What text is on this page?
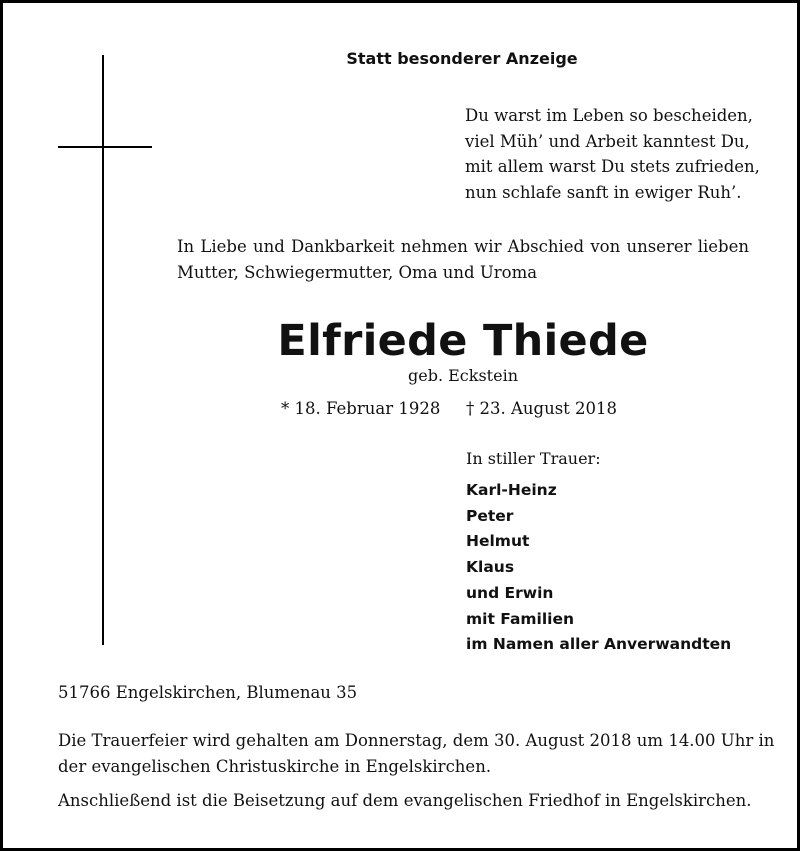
Statt besonderer Anzeige
Du warst im Leben so bescheiden,
viel Müh’ und Arbeit kanntest Du,
mit allem warst Du stets zufrieden,
nun schlafe sanft in ewiger Ruh’.
In Liebe und Dankbarkeit nehmen wir Abschied von unserer lieben
Mutter, Schwiegermutter, Oma und Uroma
Elfriede Thiede
geb. Eckstein
* 18. Februar 1928 † 23. August 2018
In stiller Trauer:
Karl-Heinz
Peter
Helmut
Klaus
und Erwin
mit Familien
im Namen aller Anverwandten
51766 Engelskirchen, Blumenau 35
Die Trauerfeier wird gehalten am Donnerstag, dem 30. August 2018 um 14.00 Uhr in
der evangelischen Christuskirche in Engelskirchen.
Anschließend ist die Beisetzung auf dem evangelischen Friedhof in Engelskirchen.
